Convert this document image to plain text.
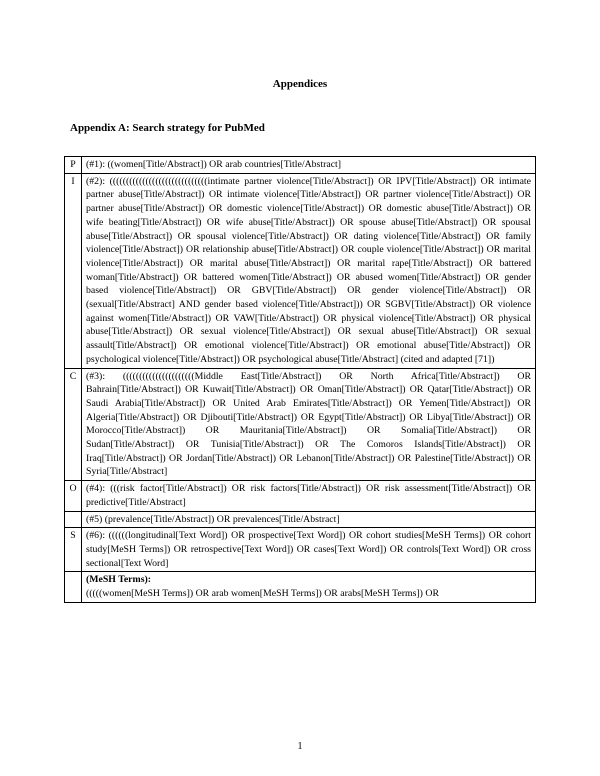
Appendices
Appendix A: Search strategy for PubMed
P	(#1): ((women[Title/Abstract]) OR arab countries[Title/Abstract]
I	(#2): ((((((((((((((((((((((((((((((intimate partner violence[Title/Abstract]) OR IPV[Title/Abstract]) OR intimate partner abuse[Title/Abstract]) OR intimate violence[Title/Abstract]) OR partner violence[Title/Abstract]) OR partner abuse[Title/Abstract]) OR domestic violence[Title/Abstract]) OR domestic abuse[Title/Abstract]) OR wife beating[Title/Abstract]) OR wife abuse[Title/Abstract]) OR spouse abuse[Title/Abstract]) OR spousal abuse[Title/Abstract]) OR spousal violence[Title/Abstract]) OR dating violence[Title/Abstract]) OR family violence[Title/Abstract]) OR relationship abuse[Title/Abstract]) OR couple violence[Title/Abstract]) OR marital violence[Title/Abstract]) OR marital abuse[Title/Abstract]) OR marital rape[Title/Abstract]) OR battered woman[Title/Abstract]) OR battered women[Title/Abstract]) OR abused women[Title/Abstract]) OR gender based violence[Title/Abstract]) OR GBV[Title/Abstract]) OR gender violence[Title/Abstract]) OR (sexual[Title/Abstract] AND gender based violence[Title/Abstract])) OR SGBV[Title/Abstract]) OR violence against women[Title/Abstract]) OR VAW[Title/Abstract]) OR physical violence[Title/Abstract]) OR physical abuse[Title/Abstract]) OR sexual violence[Title/Abstract]) OR sexual abuse[Title/Abstract]) OR sexual assault[Title/Abstract]) OR emotional violence[Title/Abstract]) OR emotional abuse[Title/Abstract]) OR psychological violence[Title/Abstract]) OR psychological abuse[Title/Abstract] (cited and adapted [71])
C	(#3): ((((((((((((((((((((((Middle East[Title/Abstract]) OR North Africa[Title/Abstract]) OR Bahrain[Title/Abstract]) OR Kuwait[Title/Abstract]) OR Oman[Title/Abstract]) OR Qatar[Title/Abstract]) OR Saudi Arabia[Title/Abstract]) OR United Arab Emirates[Title/Abstract]) OR Yemen[Title/Abstract]) OR Algeria[Title/Abstract]) OR Djibouti[Title/Abstract]) OR Egypt[Title/Abstract]) OR Libya[Title/Abstract]) OR Morocco[Title/Abstract]) OR Mauritania[Title/Abstract]) OR Somalia[Title/Abstract]) OR Sudan[Title/Abstract]) OR Tunisia[Title/Abstract]) OR The Comoros Islands[Title/Abstract]) OR Iraq[Title/Abstract]) OR Jordan[Title/Abstract]) OR Lebanon[Title/Abstract]) OR Palestine[Title/Abstract]) OR Syria[Title/Abstract]
O	(#4): (((risk factor[Title/Abstract]) OR risk factors[Title/Abstract]) OR risk assessment[Title/Abstract]) OR predictive[Title/Abstract]
	(#5) (prevalence[Title/Abstract]) OR prevalences[Title/Abstract]
S	(#6): ((((((longitudinal[Text Word]) OR prospective[Text Word]) OR cohort studies[MeSH Terms]) OR cohort study[MeSH Terms]) OR retrospective[Text Word]) OR cases[Text Word]) OR controls[Text Word]) OR cross sectional[Text Word]

	(MeSH Terms):

(((((women[MeSH Terms]) OR arab women[MeSH Terms]) OR arabs[MeSH Terms]) OR

1
